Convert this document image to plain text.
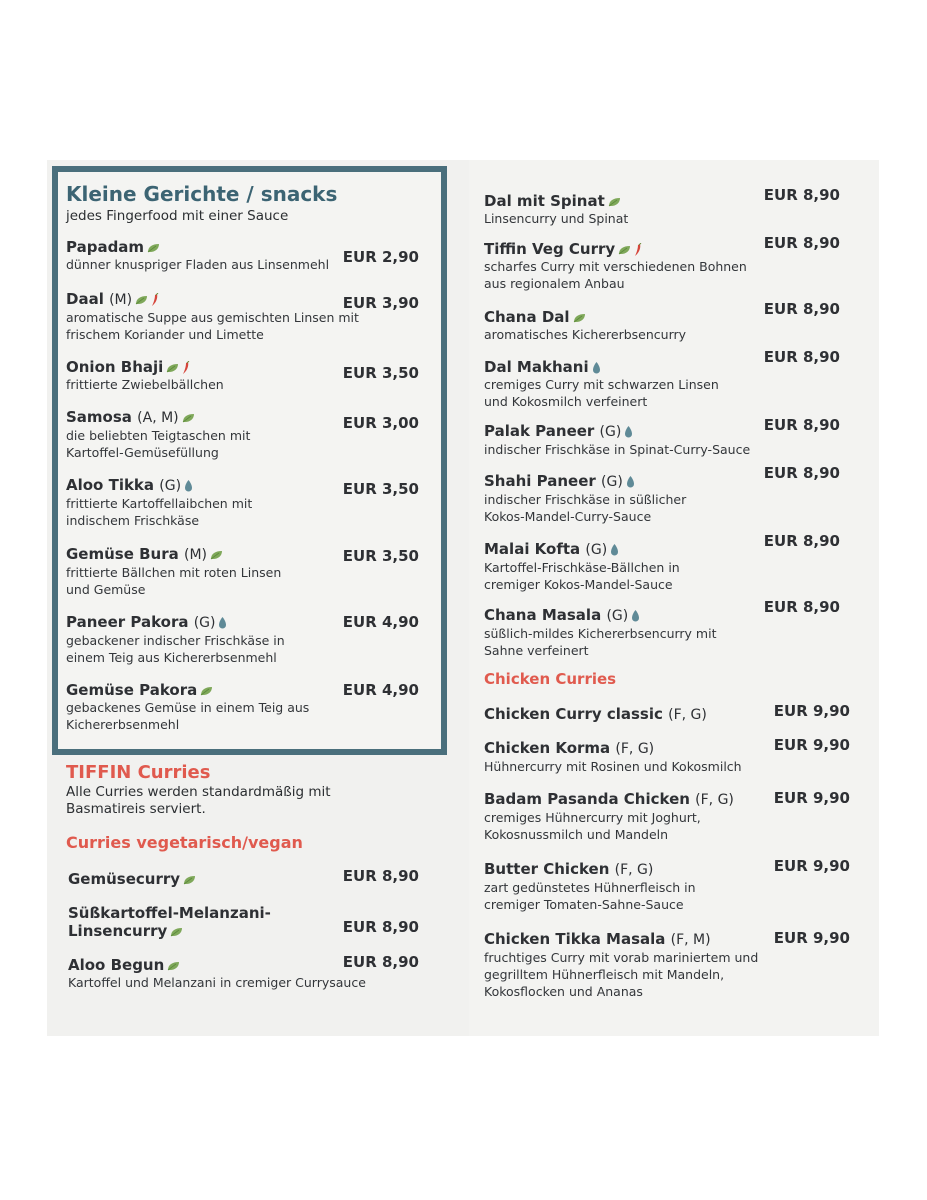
Kleine Gerichte / snacks
jedes Fingerfood mit einer Sauce
Papadam
EUR 2,90
dünner knuspriger Fladen aus Linsenmehl
Daal (M)	EUR 3,90
aromatische Suppe aus gemischten Linsen mit frischem Koriander und Limette
Onion Bhaji	EUR 3,50
frittierte Zwiebelbällchen
Samosa (A, M)	EUR 3,00
die beliebten Teigtaschen mit Kartoffel-Gemüsefüllung
Aloo Tikka (G)	EUR 3,50
frittierte Kartoffellaibchen mit indischem Frischkäse
Gemüse Bura (M)	EUR 3,50
frittierte Bällchen mit roten Linsen und Gemüse
Paneer Pakora (G)	EUR 4,90
gebackener indischer Frischkäse in einem Teig aus Kichererbsenmehl
Gemüse Pakora	EUR 4,90
gebackenes Gemüse in einem Teig aus Kichererbsenmehl
TIFFIN Curries
Alle Curries werden standardmäßig mit Basmatireis serviert.
Curries vegetarisch/vegan
Gemüsecurry	EUR 8,90
Süßkartoffel-Melanzani-Linsencurry	EUR 8,90
Aloo Begun	EUR 8,90
Kartoffel und Melanzani in cremiger Currysauce
Dal mit Spinat	EUR 8,90
Linsencurry und Spinat
Tiffin Veg Curry	EUR 8,90
scharfes Curry mit verschiedenen Bohnen aus regionalem Anbau
Chana Dal	EUR 8,90
aromatisches Kichererbsencurry
Dal Makhani
EUR 8,90
cremiges Curry mit schwarzen Linsen und Kokosmilch verfeinert
Palak Paneer (G)	EUR 8,90
indischer Frischkäse in Spinat-Curry-Sauce
Shahi Paneer (G)	EUR 8,90
indischer Frischkäse in süßlicher Kokos-Mandel-Curry-Sauce
Malai Kofta (G)	EUR 8,90
Kartoffel-Frischkäse-Bällchen in cremiger Kokos-Mandel-Sauce
Chana Masala (G)	EUR 8,90
süßlich-mildes Kichererbsencurry mit Sahne verfeinert
Chicken Curries
Chicken Curry classic (F, G)	EUR 9,90
Chicken Korma (F, G)	EUR 9,90
Hühnercurry mit Rosinen und Kokosmilch
Badam Pasanda Chicken (F, G)	EUR 9,90
cremiges Hühnercurry mit Joghurt, Kokosnussmilch und Mandeln
Butter Chicken (F, G)	EUR 9,90
zart gedünstetes Hühnerfleisch in cremiger Tomaten-Sahne-Sauce
Chicken Tikka Masala (F, M)	EUR 9,90
fruchtiges Curry mit vorab mariniertem und gegrilltem Hühnerfleisch mit Mandeln, Kokosflocken und Ananas
